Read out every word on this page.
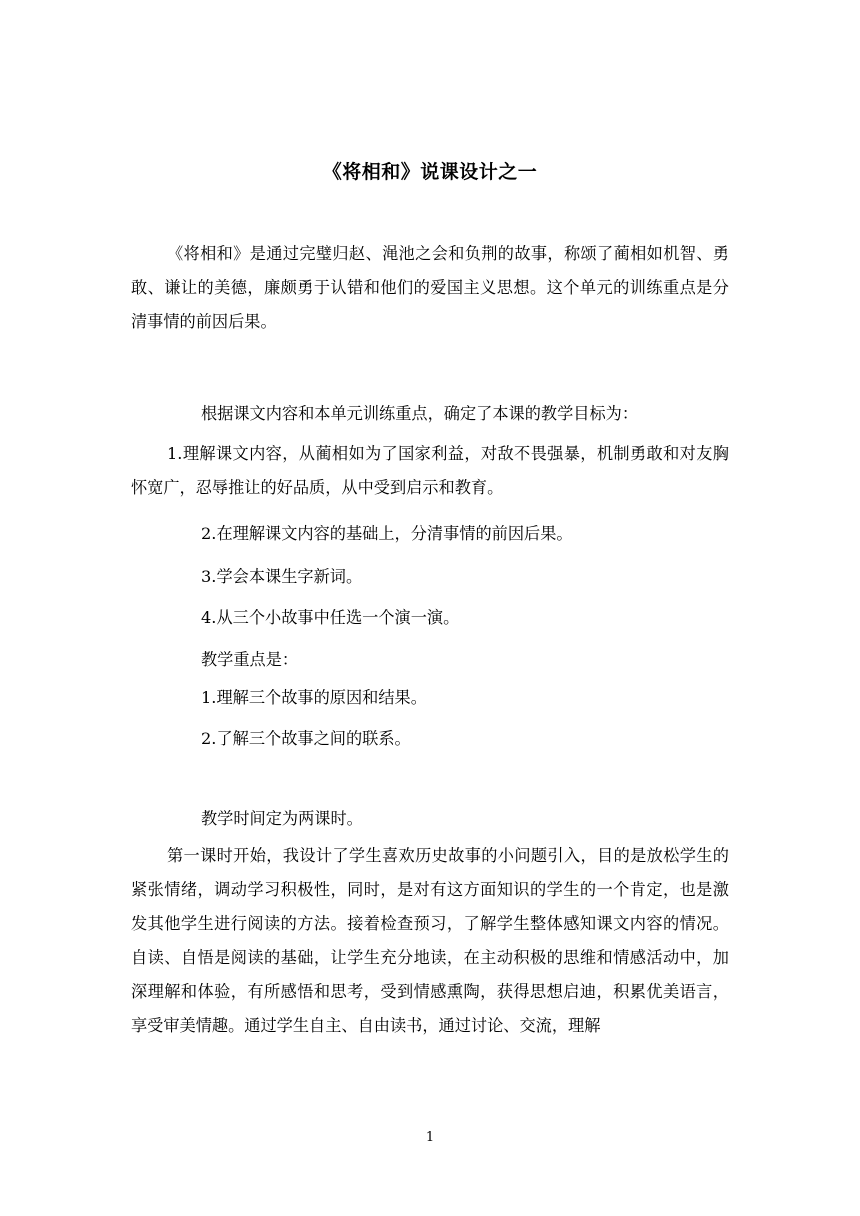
《将相和》说课设计之一

《将相和》是通过完璧归赵、渑池之会和负荆的故事，称颂了蔺相如机智、勇敢、谦让的美德，廉颇勇于认错和他们的爱国主义思想。这个单元的训练重点是分清事情的前因后果。

根据课文内容和本单元训练重点，确定了本课的教学目标为：

1.理解课文内容，从蔺相如为了国家利益，对敌不畏强暴，机制勇敢和对友胸怀宽广，忍辱推让的好品质，从中受到启示和教育。

2.在理解课文内容的基础上，分清事情的前因后果。

3.学会本课生字新词。

4.从三个小故事中任选一个演一演。

教学重点是：

1.理解三个故事的原因和结果。

2.了解三个故事之间的联系。

教学时间定为两课时。

第一课时开始，我设计了学生喜欢历史故事的小问题引入，目的是放松学生的紧张情绪，调动学习积极性，同时，是对有这方面知识的学生的一个肯定，也是激发其他学生进行阅读的方法。接着检查预习，了解学生整体感知课文内容的情况。自读、自悟是阅读的基础，让学生充分地读，在主动积极的思维和情感活动中，加深理解和体验，有所感悟和思考，受到情感熏陶，获得思想启迪，积累优美语言，享受审美情趣。通过学生自主、自由读书，通过讨论、交流，理解

1
